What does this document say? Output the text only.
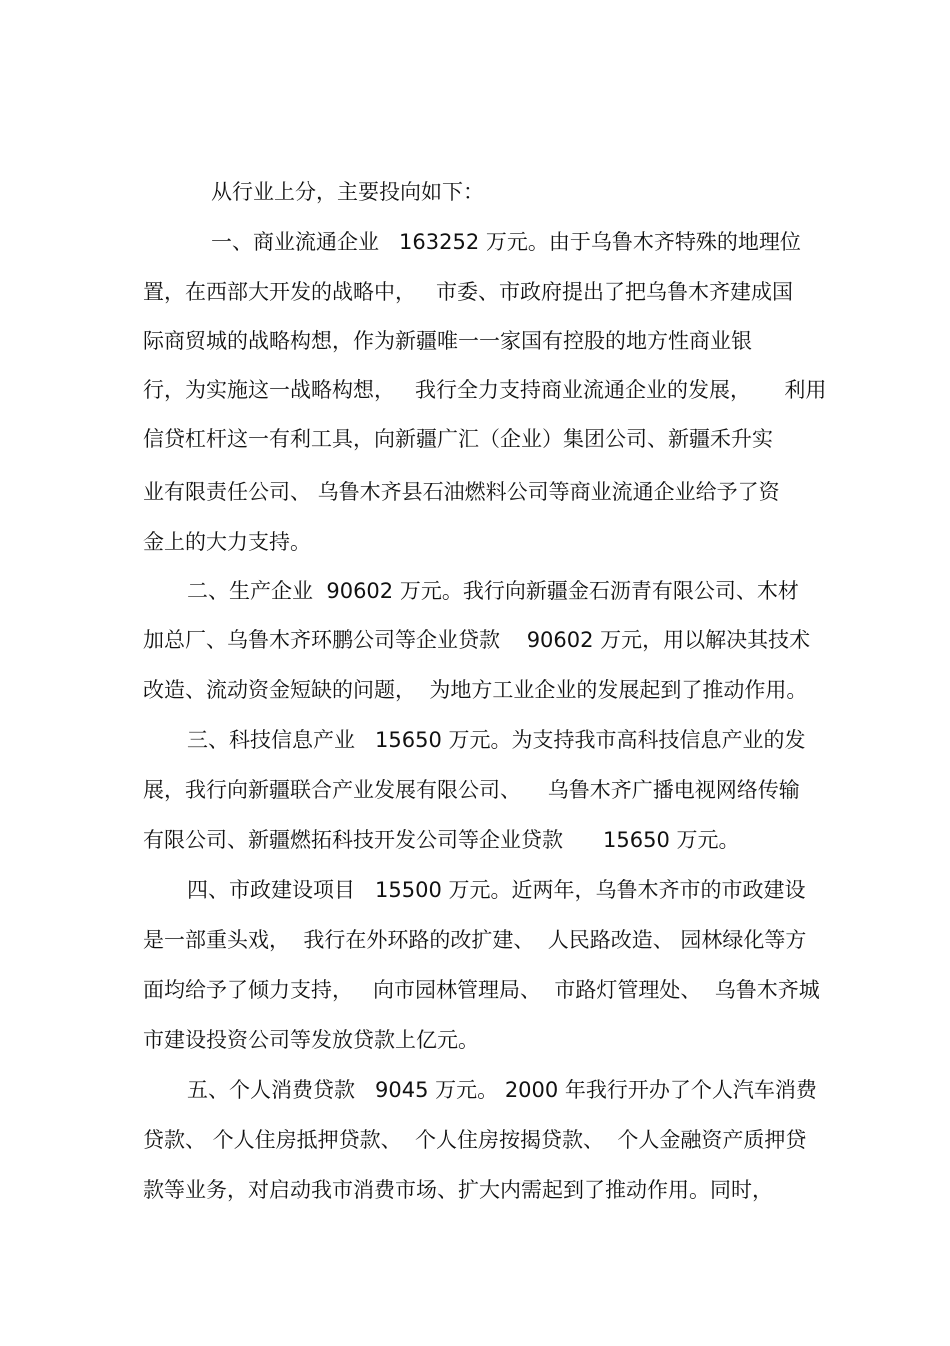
从行业上分，主要投向如下：
一、商业流通企业   163252 万元。由于乌鲁木齐特殊的地理位
置，在西部大开发的战略中，   市委、市政府提出了把乌鲁木齐建成国
际商贸城的战略构想，作为新疆唯一一家国有控股的地方性商业银
行，为实施这一战略构想，   我行全力支持商业流通企业的发展，     利用
信贷杠杆这一有利工具，向新疆广汇（企业）集团公司、新疆禾升实
业有限责任公司、 乌鲁木齐县石油燃料公司等商业流通企业给予了资
金上的大力支持。
二、生产企业  90602 万元。我行向新疆金石沥青有限公司、木材
加总厂、乌鲁木齐环鹏公司等企业贷款    90602 万元，用以解决其技术
改造、流动资金短缺的问题，  为地方工业企业的发展起到了推动作用。
三、科技信息产业   15650 万元。为支持我市高科技信息产业的发
展，我行向新疆联合产业发展有限公司、    乌鲁木齐广播电视网络传输
有限公司、新疆燃拓科技开发公司等企业贷款      15650 万元。
四、市政建设项目   15500 万元。近两年，乌鲁木齐市的市政建设
是一部重头戏，  我行在外环路的改扩建、  人民路改造、 园林绿化等方
面均给予了倾力支持，   向市园林管理局、  市路灯管理处、  乌鲁木齐城
市建设投资公司等发放贷款上亿元。
五、个人消费贷款   9045 万元。 2000 年我行开办了个人汽车消费
贷款、 个人住房抵押贷款、  个人住房按揭贷款、  个人金融资产质押贷
款等业务，对启动我市消费市场、扩大内需起到了推动作用。同时，
